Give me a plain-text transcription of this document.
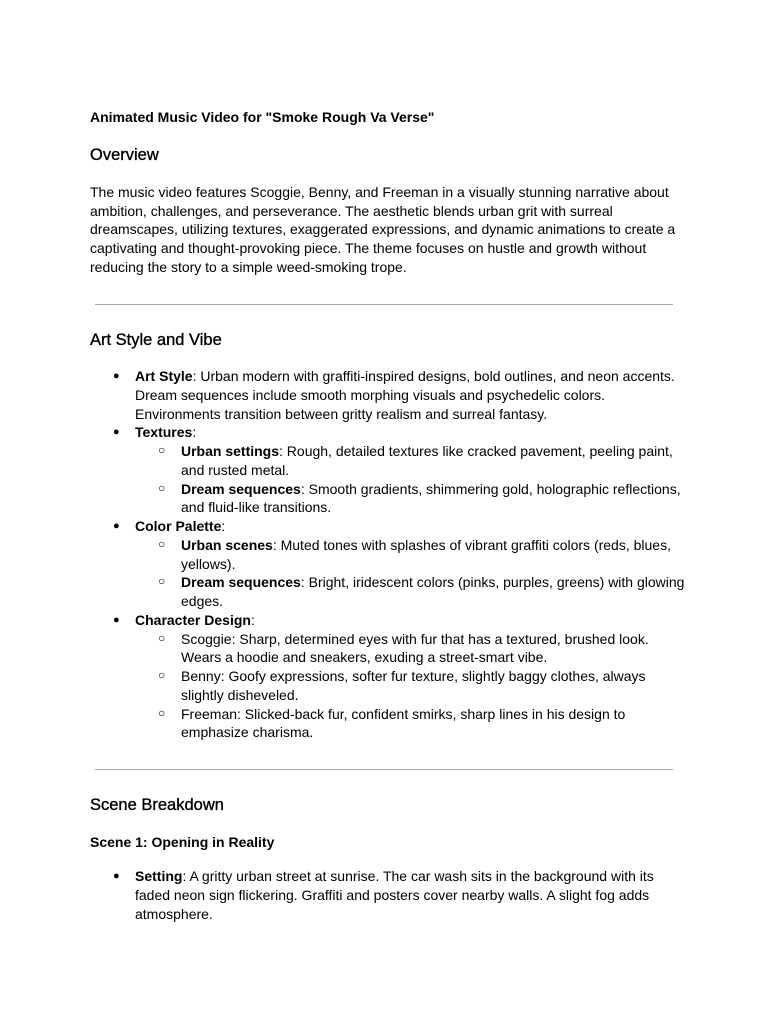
Animated Music Video for "Smoke Rough Va Verse"
Overview
The music video features Scoggie, Benny, and Freeman in a visually stunning narrative about ambition, challenges, and perseverance. The aesthetic blends urban grit with surreal dreamscapes, utilizing textures, exaggerated expressions, and dynamic animations to create a captivating and thought-provoking piece. The theme focuses on hustle and growth without reducing the story to a simple weed-smoking trope.
Art Style and Vibe
● Art Style: Urban modern with graffiti-inspired designs, bold outlines, and neon accents. Dream sequences include smooth morphing visuals and psychedelic colors. Environments transition between gritty realism and surreal fantasy.
● Textures:
○ Urban settings: Rough, detailed textures like cracked pavement, peeling paint, and rusted metal.
○ Dream sequences: Smooth gradients, shimmering gold, holographic reflections, and fluid-like transitions.
● Color Palette:
○ Urban scenes: Muted tones with splashes of vibrant graffiti colors (reds, blues, yellows).
○ Dream sequences: Bright, iridescent colors (pinks, purples, greens) with glowing edges.
● Character Design:
○ Scoggie: Sharp, determined eyes with fur that has a textured, brushed look. Wears a hoodie and sneakers, exuding a street-smart vibe.
○ Benny: Goofy expressions, softer fur texture, slightly baggy clothes, always slightly disheveled.
○ Freeman: Slicked-back fur, confident smirks, sharp lines in his design to emphasize charisma.
Scene Breakdown
Scene 1: Opening in Reality
● Setting: A gritty urban street at sunrise. The car wash sits in the background with its faded neon sign flickering. Graffiti and posters cover nearby walls. A slight fog adds atmosphere.
